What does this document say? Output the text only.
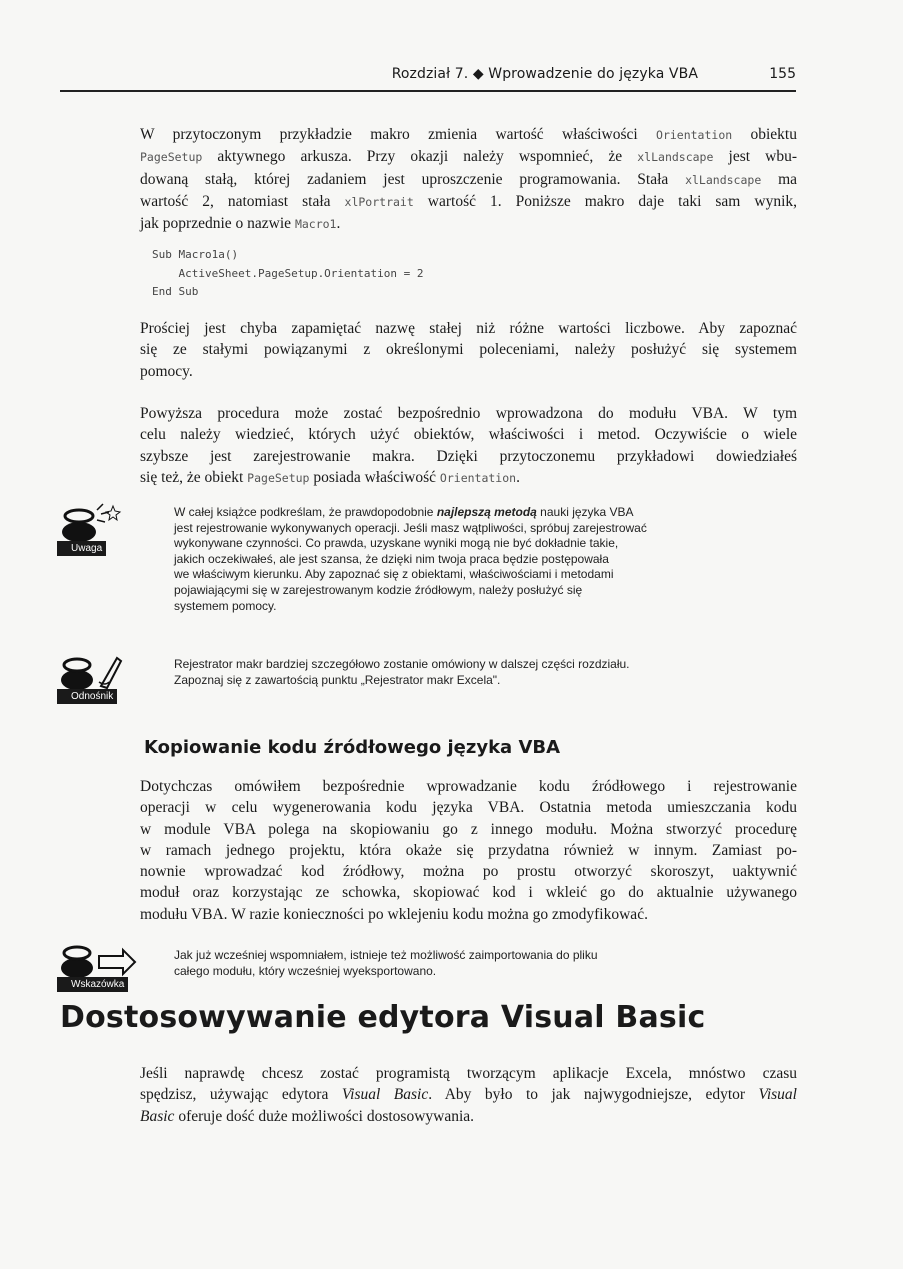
Rozdział 7. ◆ Wprowadzenie do języka VBA	155
W przytoczonym przykładzie makro zmienia wartość właściwości Orientation obiektu
PageSetup aktywnego arkusza. Przy okazji należy wspomnieć, że xlLandscape jest wbu-
dowaną stałą, której zadaniem jest uproszczenie programowania. Stała xlLandscape ma
wartość 2, natomiast stała xlPortrait wartość 1. Poniższe makro daje taki sam wynik,
jak poprzednie o nazwie Macro1.
Sub Macro1a()
ActiveSheet.PageSetup.Orientation = 2
End Sub
Prościej jest chyba zapamiętać nazwę stałej niż różne wartości liczbowe. Aby zapoznać
się ze stałymi powiązanymi z określonymi poleceniami, należy posłużyć się systemem
pomocy.
Powyższa procedura może zostać bezpośrednio wprowadzona do modułu VBA. W tym
celu należy wiedzieć, których użyć obiektów, właściwości i metod. Oczywiście o wiele
szybsze jest zarejestrowanie makra. Dzięki przytoczonemu przykładowi dowiedziałeś
się też, że obiekt PageSetup posiada właściwość Orientation.
Uwaga
W całej książce podkreślam, że prawdopodobnie najlepszą metodą nauki języka VBA
jest rejestrowanie wykonywanych operacji. Jeśli masz wątpliwości, spróbuj zarejestrować
wykonywane czynności. Co prawda, uzyskane wyniki mogą nie być dokładnie takie,
jakich oczekiwałeś, ale jest szansa, że dzięki nim twoja praca będzie postępowała
we właściwym kierunku. Aby zapoznać się z obiektami, właściwościami i metodami
pojawiającymi się w zarejestrowanym kodzie źródłowym, należy posłużyć się
systemem pomocy.
Odnośnik
Rejestrator makr bardziej szczegółowo zostanie omówiony w dalszej części rozdziału.
Zapoznaj się z zawartością punktu „Rejestrator makr Excela".
Kopiowanie kodu źródłowego języka VBA
Dotychczas omówiłem bezpośrednie wprowadzanie kodu źródłowego i rejestrowanie
operacji w celu wygenerowania kodu języka VBA. Ostatnia metoda umieszczania kodu
w module VBA polega na skopiowaniu go z innego modułu. Można stworzyć procedurę
w ramach jednego projektu, która okaże się przydatna również w innym. Zamiast po-
nownie wprowadzać kod źródłowy, można po prostu otworzyć skoroszyt, uaktywnić
moduł oraz korzystając ze schowka, skopiować kod i wkleić go do aktualnie używanego
modułu VBA. W razie konieczności po wklejeniu kodu można go zmodyfikować.
Wskazówka
Jak już wcześniej wspomniałem, istnieje też możliwość zaimportowania do pliku
całego modułu, który wcześniej wyeksportowano.
Dostosowywanie edytora Visual Basic
Jeśli naprawdę chcesz zostać programistą tworzącym aplikacje Excela, mnóstwo czasu
spędzisz, używając edytora Visual Basic. Aby było to jak najwygodniejsze, edytor Visual
Basic oferuje dość duże możliwości dostosowywania.
